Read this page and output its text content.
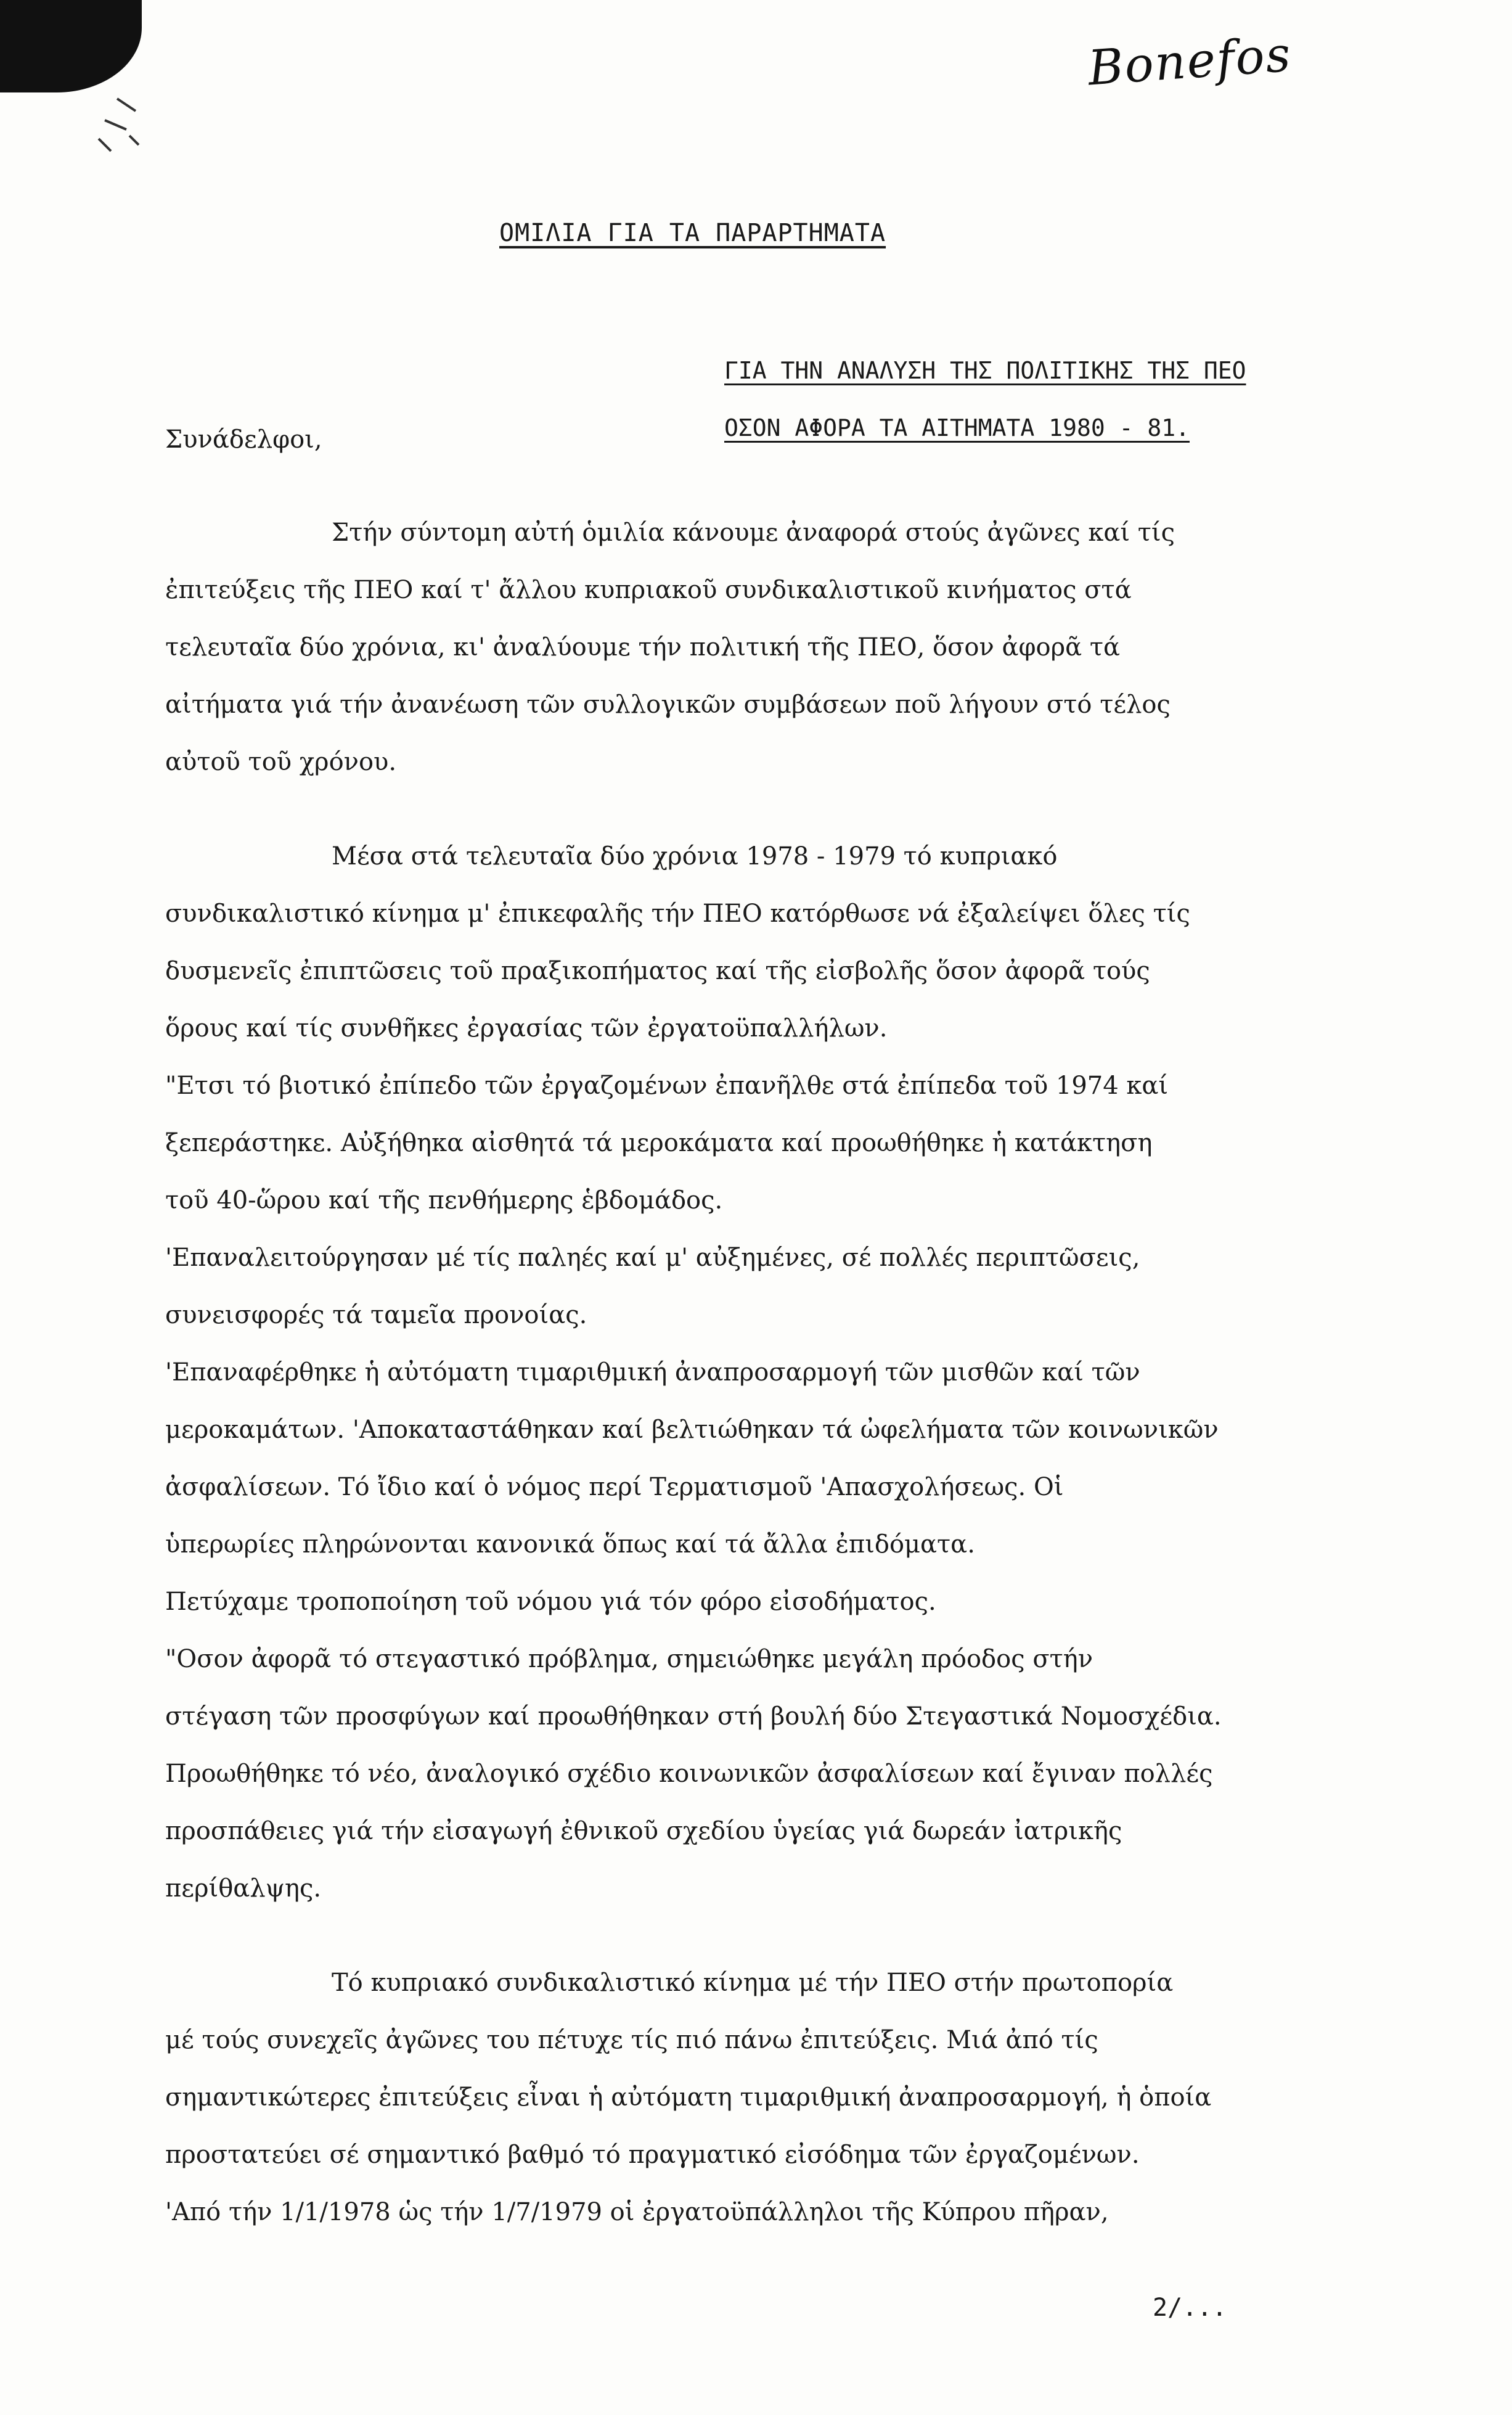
Bonefos
ΟΜΙΛΙΑ ΓΙΑ ΤΑ ΠΑΡΑΡΤΗΜΑΤΑ
ΓΙΑ ΤΗΝ ΑΝΑΛΥΣΗ ΤΗΣ ΠΟΛΙΤΙΚΗΣ ΤΗΣ ΠΕΟ
ΟΣΟΝ ΑΦΟΡΑ ΤΑ ΑΙΤΗΜΑΤΑ 1980 - 81.
Συνάδελφοι,
Στήν σύντομη αὐτή ὁμιλία κάνουμε ἀναφορά στούς ἀγῶνες καί τίς
ἐπιτεύξεις τῆς ΠΕΟ καί τ' ἄλλου κυπριακοῦ συνδικαλιστικοῦ κινήματος στά
τελευταῖα δύο χρόνια, κι' ἀναλύουμε τήν πολιτική τῆς ΠΕΟ, ὅσον ἀφορᾶ τά
αἰτήματα γιά τήν ἀνανέωση τῶν συλλογικῶν συμβάσεων ποῦ λήγουν στό τέλος
αὐτοῦ τοῦ χρόνου.
Μέσα στά τελευταῖα δύο χρόνια 1978 - 1979 τό κυπριακό
συνδικαλιστικό κίνημα μ' ἐπικεφαλῆς τήν ΠΕΟ κατόρθωσε νά ἐξαλείψει ὅλες τίς
δυσμενεῖς ἐπιπτῶσεις τοῦ πραξικοπήματος καί τῆς εἰσβολῆς ὅσον ἀφορᾶ τούς
ὅρους καί τίς συνθῆκες ἐργασίας τῶν ἐργατοϋπαλλήλων.
"Ετσι τό βιοτικό ἐπίπεδο τῶν ἐργαζομένων ἐπανῆλθε στά ἐπίπεδα τοῦ 1974 καί
ξεπεράστηκε. Αὐξήθηκα αἰσθητά τά μεροκάματα καί προωθήθηκε ἡ κατάκτηση
τοῦ 40-ὥρου καί τῆς πενθήμερης ἑβδομάδος.
'Επαναλειτούργησαν μέ τίς παληές καί μ' αὐξημένες, σέ πολλές περιπτῶσεις,
συνεισφορές τά ταμεῖα προνοίας.
'Επαναφέρθηκε ἡ αὐτόματη τιμαριθμική ἀναπροσαρμογή τῶν μισθῶν καί τῶν
μεροκαμάτων. 'Αποκαταστάθηκαν καί βελτιώθηκαν τά ὠφελήματα τῶν κοινωνικῶν
ἀσφαλίσεων. Τό ἴδιο καί ὁ νόμος περί Τερματισμοῦ 'Απασχολήσεως. Οἱ
ὑπερωρίες πληρώνονται κανονικά ὅπως καί τά ἄλλα ἐπιδόματα.
Πετύχαμε τροποποίηση τοῦ νόμου γιά τόν φόρο εἰσοδήματος.
"Οσον ἀφορᾶ τό στεγαστικό πρόβλημα, σημειώθηκε μεγάλη πρόοδος στήν
στέγαση τῶν προσφύγων καί προωθήθηκαν στή βουλή δύο Στεγαστικά Νομοσχέδια.
Προωθήθηκε τό νέο, ἀναλογικό σχέδιο κοινωνικῶν ἀσφαλίσεων καί ἔγιναν πολλές
προσπάθειες γιά τήν εἰσαγωγή ἐθνικοῦ σχεδίου ὑγείας γιά δωρεάν ἰατρικῆς
περίθαλψης.
Τό κυπριακό συνδικαλιστικό κίνημα μέ τήν ΠΕΟ στήν πρωτοπορία
μέ τούς συνεχεῖς ἀγῶνες του πέτυχε τίς πιό πάνω ἐπιτεύξεις. Μιά ἀπό τίς
σημαντικώτερες ἐπιτεύξεις εἶναι ἡ αὐτόματη τιμαριθμική ἀναπροσαρμογή, ἡ ὁποία
προστατεύει σέ σημαντικό βαθμό τό πραγματικό εἰσόδημα τῶν ἐργαζομένων.
'Από τήν 1/1/1978 ὡς τήν 1/7/1979 οἱ ἐργατοϋπάλληλοι τῆς Κύπρου πῆραν,
2/...
